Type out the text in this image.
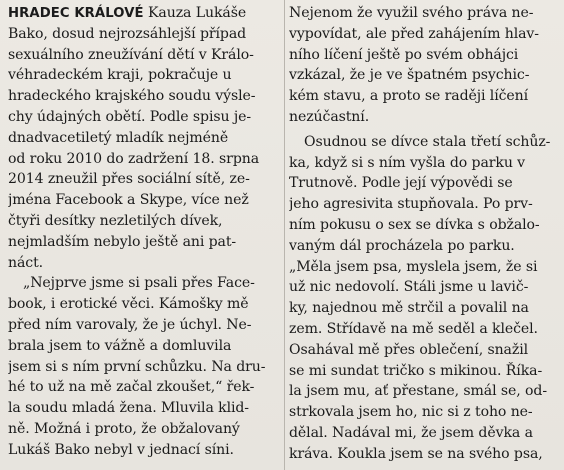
HRADEC KRÁLOVÉ Kauza Lukáše
Bako, dosud nejrozsáhlejší případ
sexuálního zneužívání dětí v Králo-
véhradeckém kraji, pokračuje u
hradeckého krajského soudu výsle-
chy údajných obětí. Podle spisu je-
dnadvacetiletý mladík nejméně
od roku 2010 do zadržení 18. srpna
2014 zneužil přes sociální sítě, ze-
jména Facebook a Skype, více než
čtyři desítky nezletilých dívek,
nejmladším nebylo ještě ani pat-
náct.
„Nejprve jsme si psali přes Face-
book, i erotické věci. Kámošky mě
před ním varovaly, že je úchyl. Ne-
brala jsem to vážně a domluvila
jsem si s ním první schůzku. Na dru-
hé to už na mě začal zkoušet,“ řek-
la soudu mladá žena. Mluvila klid-
ně. Možná i proto, že obžalovaný
Lukáš Bako nebyl v jednací síni.
Nejenom že využil svého práva ne-
vypovídat, ale před zahájením hlav-
ního líčení ještě po svém obhájci
vzkázal, že je ve špatném psychic-
kém stavu, a proto se raději líčení
nezúčastní.
Osudnou se dívce stala třetí schůz-
ka, když si s ním vyšla do parku v
Trutnově. Podle její výpovědi se
jeho agresivita stupňovala. Po prv-
ním pokusu o sex se dívka s obžalo-
vaným dál procházela po parku.
„Měla jsem psa, myslela jsem, že si
už nic nedovolí. Stáli jsme u lavič-
ky, najednou mě strčil a povalil na
zem. Střídavě na mě seděl a klečel.
Osahával mě přes oblečení, snažil
se mi sundat tričko s mikinou. Říka-
la jsem mu, ať přestane, smál se, od-
strkovala jsem ho, nic si z toho ne-
dělal. Nadával mi, že jsem děvka a
kráva. Koukla jsem se na svého psa,
